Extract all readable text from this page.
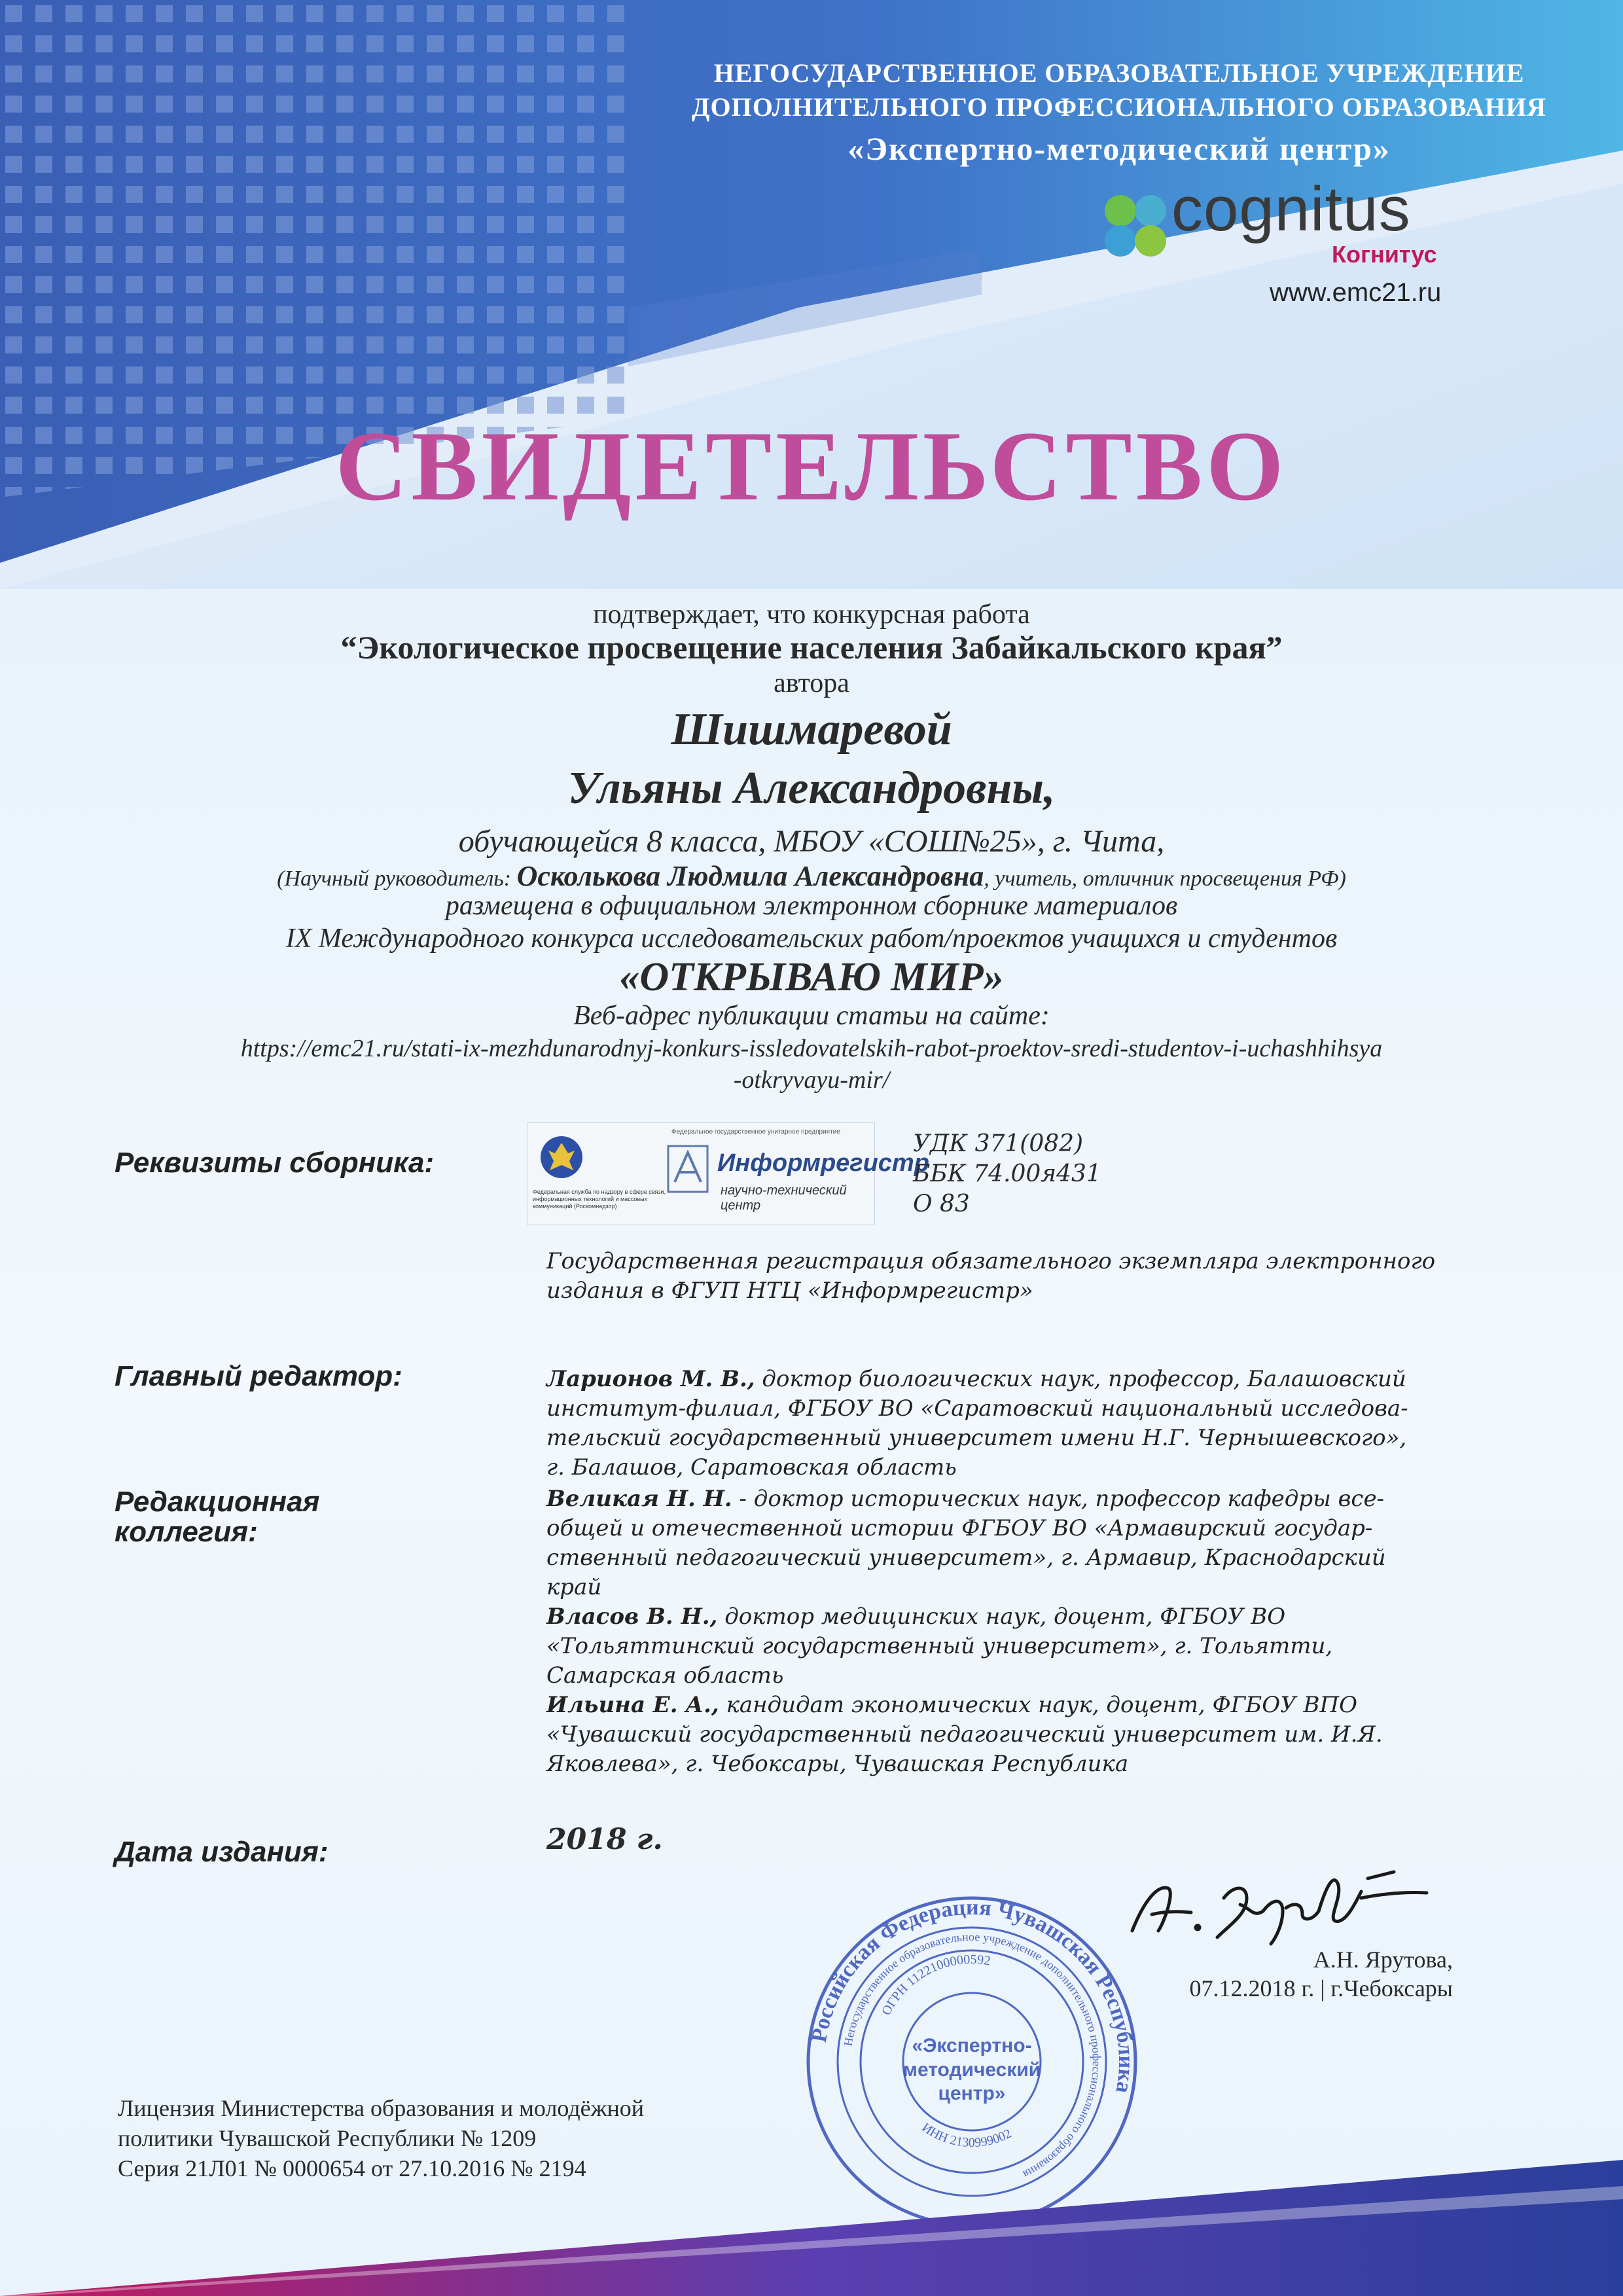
НЕГОСУДАРСТВЕННОЕ ОБРАЗОВАТЕЛЬНОЕ УЧРЕЖДЕНИЕ
ДОПОЛНИТЕЛЬНОГО ПРОФЕССИОНАЛЬНОГО ОБРАЗОВАНИЯ
«Экспертно-методический центр»
cognitus
Когнитус
www.emc21.ru
СВИДЕТЕЛЬСТВО
подтверждает, что конкурсная работа
“Экологическое просвещение населения Забайкальского края”
автора
Шишмаревой
Ульяны Александровны,
обучающейся 8 класса, МБОУ «СОШ№25», г. Чита,
(Научный руководитель: Осколькова Людмила Александровна, учитель, отличник просвещения РФ)
размещена в официальном электронном сборнике материалов
IX Международного конкурса исследовательских работ/проектов учащихся и студентов
«ОТКРЫВАЮ МИР»
Веб-адрес публикации статьи на сайте:
https://emc21.ru/stati-ix-mezhdunarodnyj-konkurs-issledovatelskih-rabot-proektov-sredi-studentov-i-uchashhihsya
-otkryvayu-mir/
Реквизиты сборника:
Федеральная служба по надзору в сфере связи, информационных технологий и массовых коммуникаций (Роскомнадзор)
Федеральное государственное унитарное предприятие
Информрегистр
научно-технический центр
УДК 371(082)
ББК 74.00я431
О 83
Государственная регистрация обязательного экземпляра электронного
издания в ФГУП НТЦ «Информрегистр»
Главный редактор:	Ларионов М. В., доктор биологических наук, профессор, Балашовский
институт-филиал, ФГБОУ ВО «Саратовский национальный исследова-
тельский государственный университет имени Н.Г. Чернышевского»,
г. Балашов, Саратовская область
Редакционная
коллегия:
Великая Н. Н. - доктор исторических наук, профессор кафедры все-
общей и отечественной истории ФГБОУ ВО «Армавирский государ-
ственный педагогический университет», г. Армавир, Краснодарский
край
Власов В. Н., доктор медицинских наук, доцент, ФГБОУ ВО
«Тольяттинский государственный университет», г. Тольятти,
Самарская область
Ильина Е. А., кандидат экономических наук, доцент, ФГБОУ ВПО
«Чувашский государственный педагогический университет им. И.Я.
Яковлева», г. Чебоксары, Чувашская Республика
Дата издания:	2018 г.
Российская Федерация Чувашская Республика
Негосударственное образовательное учреждение дополнительного профессионального образования
ОГРН 1122100000592
ИНН 2130999002
«Экспертно-
методический
центр»
А.Н. Ярутова,
07.12.2018 г. | г.Чебоксары
Лицензия Министерства образования и молодёжной
политики Чувашской Республики № 1209
Серия 21Л01 № 0000654 от 27.10.2016 № 2194
